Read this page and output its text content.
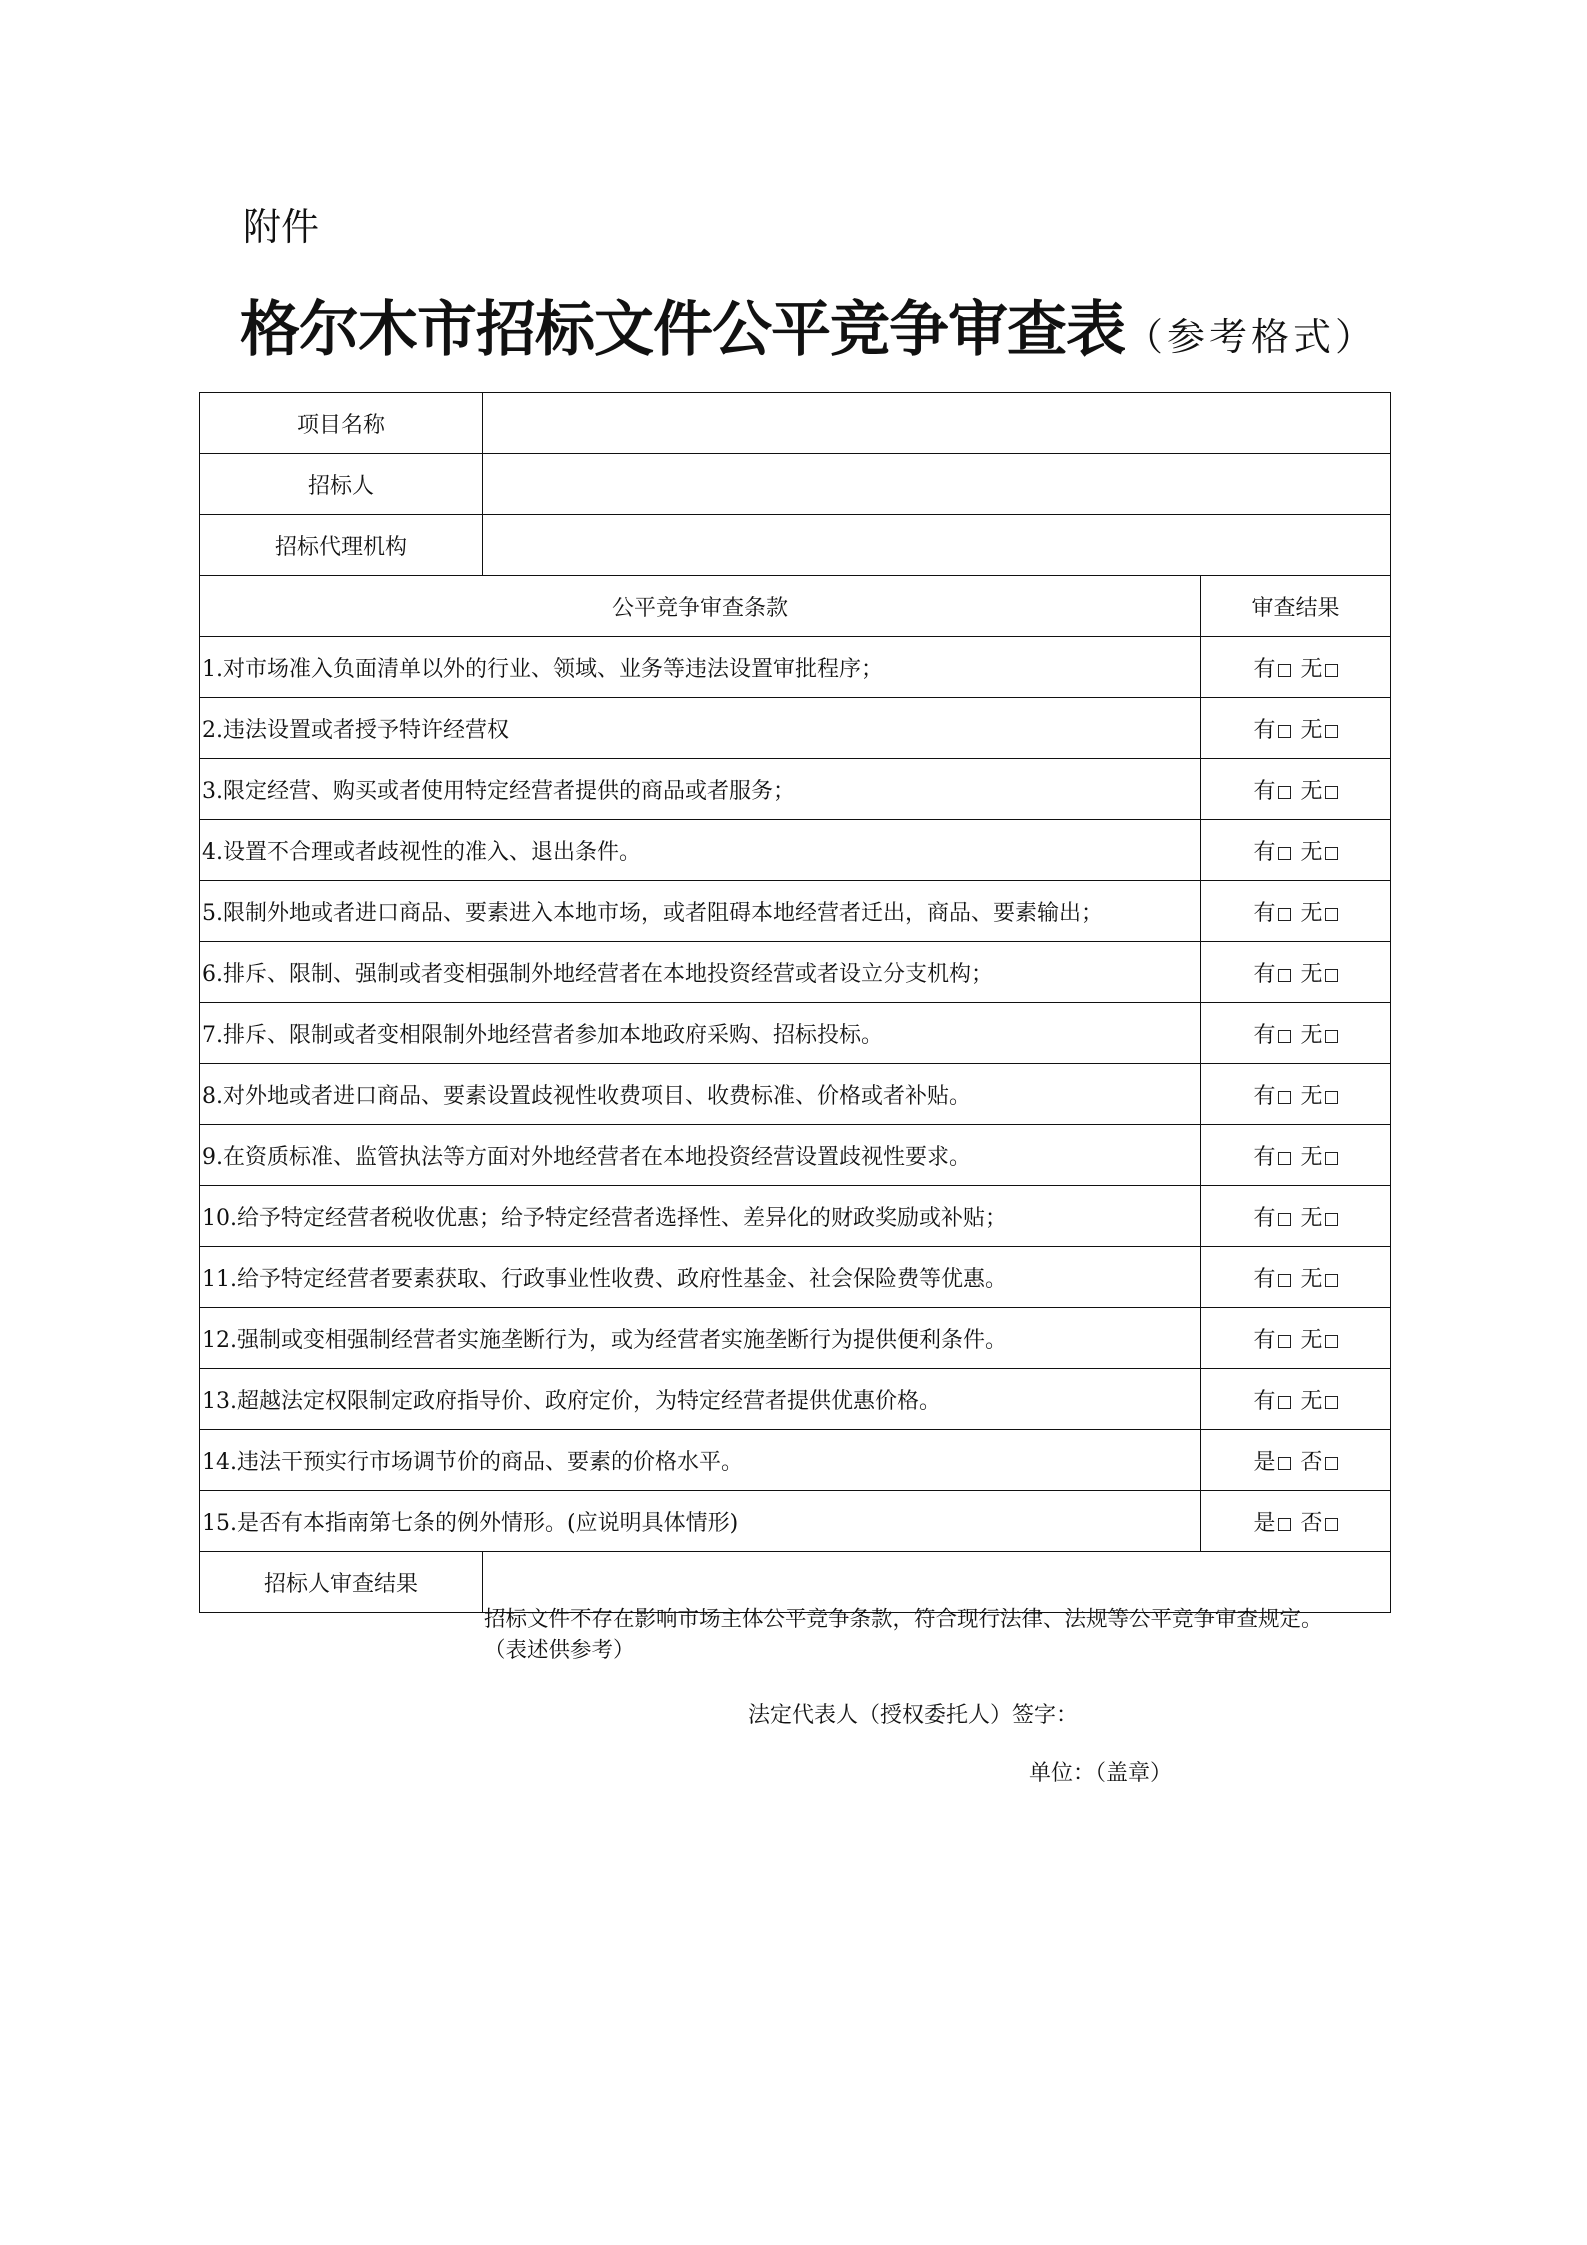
附件
格尔木市招标文件公平竞争审查表（参考格式）
项目名称		
招标人		
招标代理机构		
公平竞争审查条款		审查结果
1.对市场准入负面清单以外的行业、领域、业务等违法设置审批程序；		有 无
2.违法设置或者授予特许经营权		有 无
3.限定经营、购买或者使用特定经营者提供的商品或者服务；		有 无
4.设置不合理或者歧视性的准入、退出条件。		有 无
5.限制外地或者进口商品、要素进入本地市场，或者阻碍本地经营者迁出，商品、要素输出；		有 无
6.排斥、限制、强制或者变相强制外地经营者在本地投资经营或者设立分支机构；		有 无
7.排斥、限制或者变相限制外地经营者参加本地政府采购、招标投标。		有 无
8.对外地或者进口商品、要素设置歧视性收费项目、收费标准、价格或者补贴。		有 无
9.在资质标准、监管执法等方面对外地经营者在本地投资经营设置歧视性要求。		有 无
10.给予特定经营者税收优惠；给予特定经营者选择性、差异化的财政奖励或补贴；		有 无
11.给予特定经营者要素获取、行政事业性收费、政府性基金、社会保险费等优惠。		有 无
12.强制或变相强制经营者实施垄断行为，或为经营者实施垄断行为提供便利条件。		有 无
13.超越法定权限制定政府指导价、政府定价，为特定经营者提供优惠价格。		有 无
14.违法干预实行市场调节价的商品、要素的价格水平。		是 否
15.是否有本指南第七条的例外情形。(应说明具体情形)		是 否
招标人审查结果	招标文件不存在影响市场主体公平竞争条款，符合现行法律、法规等公平竞争审查规定。
（表述供参考）
法定代表人（授权委托人）签字：
单位：（盖章）	
